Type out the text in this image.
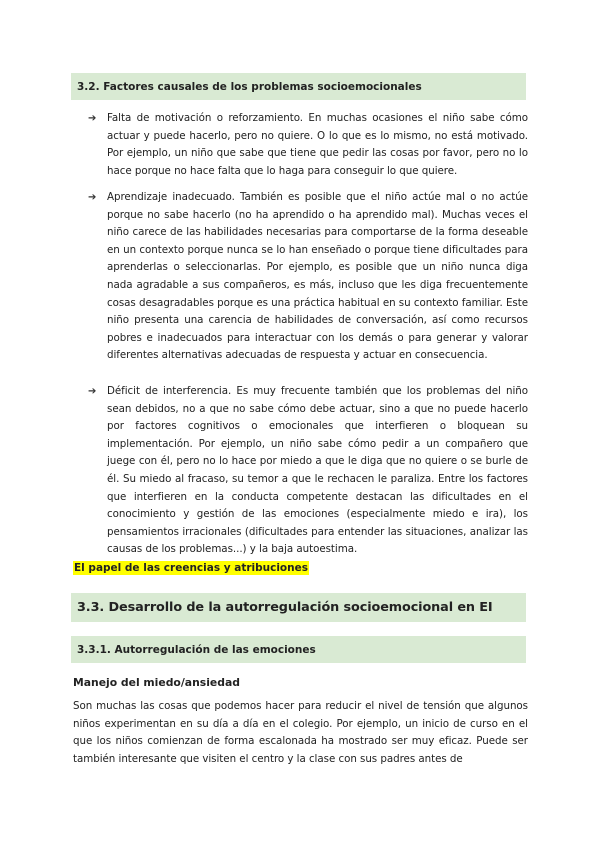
3.2. Factores causales de los problemas socioemocionales
➔ Falta de motivación o reforzamiento. En muchas ocasiones el niño sabe cómo actuar y puede hacerlo, pero no quiere. O lo que es lo mismo, no está motivado. Por ejemplo, un niño que sabe que tiene que pedir las cosas por favor, pero no lo hace porque no hace falta que lo haga para conseguir lo que quiere.
➔ Aprendizaje inadecuado. También es posible que el niño actúe mal o no actúe porque no sabe hacerlo (no ha aprendido o ha aprendido mal). Muchas veces el niño carece de las habilidades necesarias para comportarse de la forma deseable en un contexto porque nunca se lo han enseñado o porque tiene dificultades para aprenderlas o seleccionarlas. Por ejemplo, es posible que un niño nunca diga nada agradable a sus compañeros, es más, incluso que les diga frecuentemente cosas desagradables porque es una práctica habitual en su contexto familiar. Este niño presenta una carencia de habilidades de conversación, así como recursos pobres e inadecuados para interactuar con los demás o para generar y valorar diferentes alternativas adecuadas de respuesta y actuar en consecuencia.
➔ Déficit de interferencia. Es muy frecuente también que los problemas del niño sean debidos, no a que no sabe cómo debe actuar, sino a que no puede hacerlo por factores cognitivos o emocionales que interfieren o bloquean su implementación. Por ejemplo, un niño sabe cómo pedir a un compañero que juege con él, pero no lo hace por miedo a que le diga que no quiere o se burle de él. Su miedo al fracaso, su temor a que le rechacen le paraliza. Entre los factores que interfieren en la conducta competente destacan las dificultades en el conocimiento y gestión de las emociones (especialmente miedo e ira), los pensamientos irracionales (dificultades para entender las situaciones, analizar las causas de los problemas...) y la baja autoestima.
El papel de las creencias y atribuciones
3.3. Desarrollo de la autorregulación socioemocional en EI
3.3.1. Autorregulación de las emociones
Manejo del miedo/ansiedad
Son muchas las cosas que podemos hacer para reducir el nivel de tensión que algunos niños experimentan en su día a día en el colegio. Por ejemplo, un inicio de curso en el que los niños comienzan de forma escalonada ha mostrado ser muy eficaz. Puede ser también interesante que visiten el centro y la clase con sus padres antes de
